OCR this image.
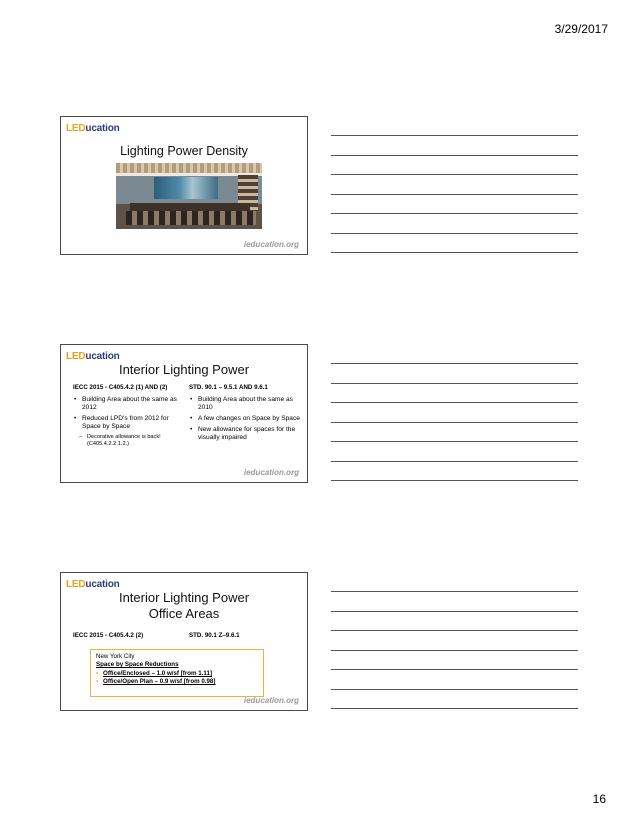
3/29/2017
LEDucation
Lighting Power Density
ieducation.org
LEDucation
Interior Lighting Power
IECC 2015 - C405.4.2 (1) AND (2)
• Building Area about the same as 2012
• Reduced LPD’s from 2012 for Space by Space
– Decorative allowance is back! (C405.4.2.2.1.2.)
STD. 90.1 – 9.5.1 AND 9.6.1
• Building Area about the same as 2010
• A few changes on Space by Space
• New allowance for spaces for the visually impaired
ieducation.org
LEDucation
Interior Lighting Power
Office Areas
IECC 2015 - C405.4.2 (2)	STD. 90.1 Z–9.6.1
New York City
Space by Space Reductions
• Office/Enclosed – 1.0 w/sf [from 1.11]
• Office/Open Plan – 0.9 w/sf [from 0.98]
ieducation.org
16
